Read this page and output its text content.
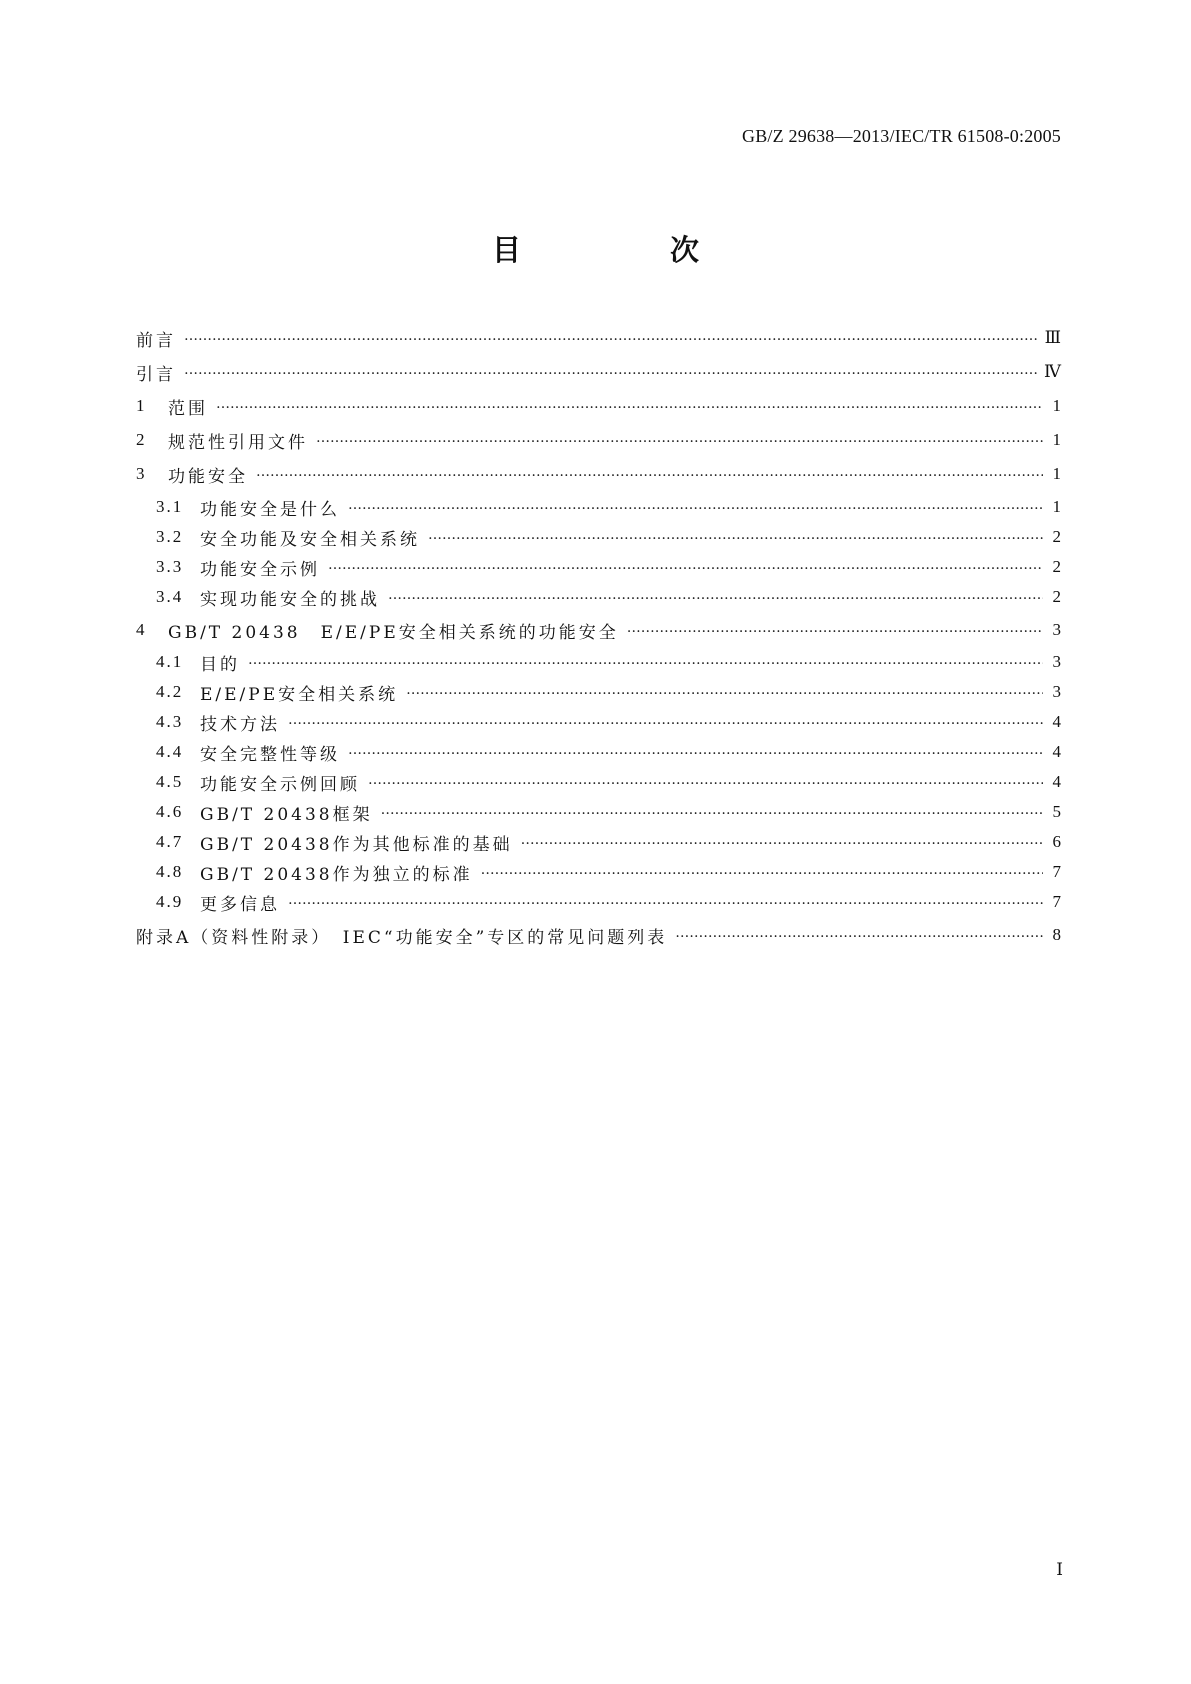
GB/Z 29638—2013/IEC/TR 61508-0:2005
目　次
前言 ……………………………………………………………………………………………………………………………………………………………………………………	Ⅲ
引言 ……………………………………………………………………………………………………………………………………………………………………………………	Ⅳ
1	范围 ……………………………………………………………………………………………………………………………………………………………………………………	1
2	规范性引用文件 ……………………………………………………………………………………………………………………………………………………………………………………	1
3	功能安全 ……………………………………………………………………………………………………………………………………………………………………………………	1
3.1 功能安全是什么 ……………………………………………………………………………………………………………………………………………………………………………………	1
3.2 安全功能及安全相关系统 ……………………………………………………………………………………………………………………………………………………………………………………	2
3.3 功能安全示例 ……………………………………………………………………………………………………………………………………………………………………………………	2
3.4 实现功能安全的挑战 ……………………………………………………………………………………………………………………………………………………………………………………	2
4	GB/T 20438　E/E/PE安全相关系统的功能安全 ……………………………………………………………………………………………………………………………………………………………………………………	3
4.1 目的 ……………………………………………………………………………………………………………………………………………………………………………………	3
4.2 E/E/PE安全相关系统 ……………………………………………………………………………………………………………………………………………………………………………………	3
4.3 技术方法 ……………………………………………………………………………………………………………………………………………………………………………………	4
4.4 安全完整性等级 ……………………………………………………………………………………………………………………………………………………………………………………	4
4.5 功能安全示例回顾 ……………………………………………………………………………………………………………………………………………………………………………………	4
4.6 GB/T 20438框架 ……………………………………………………………………………………………………………………………………………………………………………………	5
4.7 GB/T 20438作为其他标准的基础 ……………………………………………………………………………………………………………………………………………………………………………………	6
4.8 GB/T 20438作为独立的标准 ……………………………………………………………………………………………………………………………………………………………………………………	7
4.9 更多信息 ……………………………………………………………………………………………………………………………………………………………………………………	7
附录A（资料性附录）　IEC“功能安全”专区的常见问题列表 ……………………………………………………………………………………………………………………………………………………………………………………	8
Ⅰ
